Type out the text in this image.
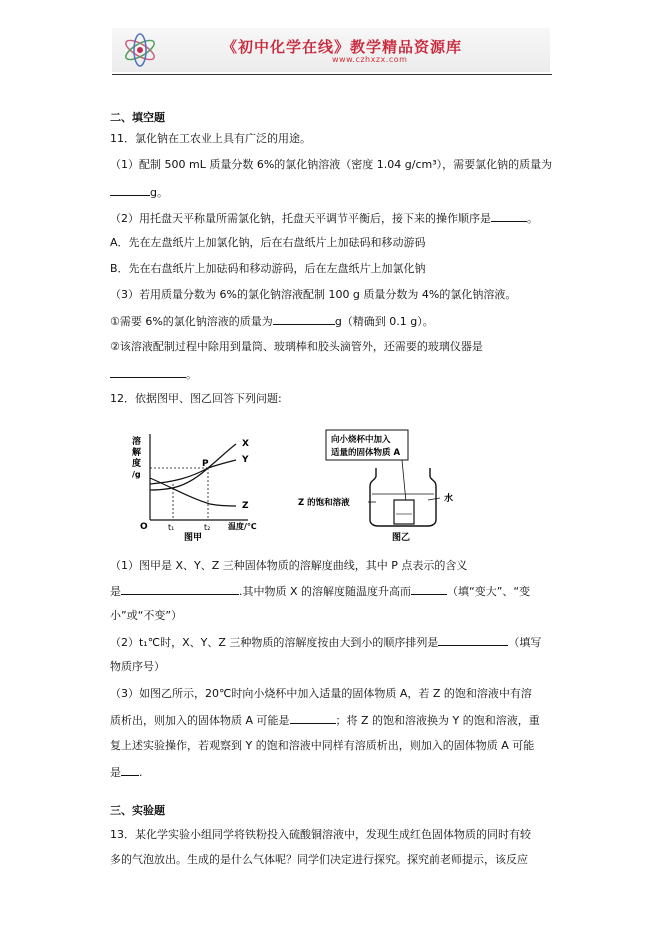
《初中化学在线》教学精品资源库
www.czhxzx.com
二、填空题
11．氯化钠在工农业上具有广泛的用途。
（1）配制 500 mL 质量分数 6%的氯化钠溶液（密度 1.04 g/cm³），需要氯化钠的质量为
g。
（2）用托盘天平称量所需氯化钠，托盘天平调节平衡后，接下来的操作顺序是	。
A．先在左盘纸片上加氯化钠，后在右盘纸片上加砝码和移动游码
B．先在右盘纸片上加砝码和移动游码，后在左盘纸片上加氯化钠
（3）若用质量分数为 6%的氯化钠溶液配制 100 g 质量分数为 4%的氯化钠溶液。
①需要 6%的氯化钠溶液的质量为	g（精确到 0.1 g）。
②该溶液配制过程中除用到量筒、玻璃棒和胶头滴管外，还需要的玻璃仪器是
。
12．依据图甲、图乙回答下列问题:
溶
解
度
/g
X
Y
Z
P
O	t₁	t₂ 温度/℃
图甲
向小烧杯中加入
适量的固体物质 A
Z 的饱和溶液	水
图乙
（1）图甲是 X、Y、Z 三种固体物质的溶解度曲线，其中 P 点表示的含义
是	.其中物质 X 的溶解度随温度升高而	（填“变大”、“变
小”或“不变”）
（2）t₁℃时，X、Y、Z 三种物质的溶解度按由大到小的顺序排列是	（填写
物质序号）
（3）如图乙所示，20℃时向小烧杯中加入适量的固体物质 A，若 Z 的饱和溶液中有溶
质析出，则加入的固体物质 A 可能是	；将 Z 的饱和溶液换为 Y 的饱和溶液，重
复上述实验操作，若观察到 Y 的饱和溶液中同样有溶质析出，则加入的固体物质 A 可能
是 .
三、实验题
13．某化学实验小组同学将铁粉投入硫酸铜溶液中，发现生成红色固体物质的同时有较
多的气泡放出。生成的是什么气体呢？同学们决定进行探究。探究前老师提示，该反应
